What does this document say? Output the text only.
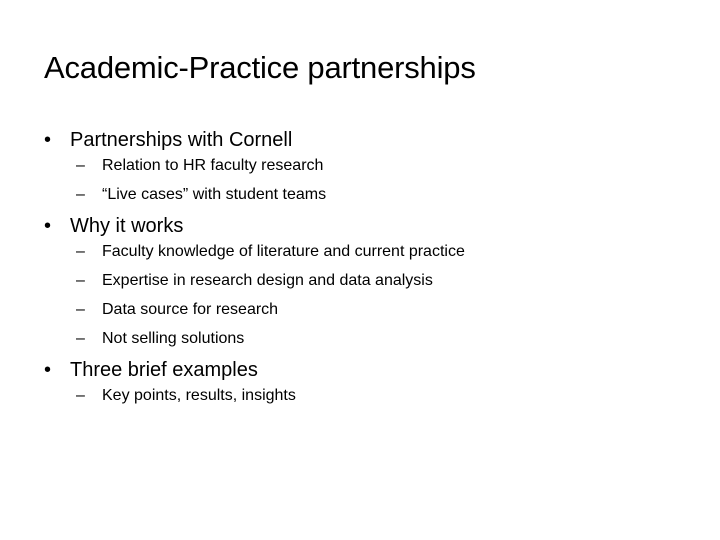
Academic-Practice partnerships
• Partnerships with Cornell
–	Relation to HR faculty research
–	“Live cases” with student teams
• Why it works
–	Faculty knowledge of literature and current practice
–	Expertise in research design and data analysis
–	Data source for research
–	Not selling solutions
• Three brief examples
–	Key points, results, insights
